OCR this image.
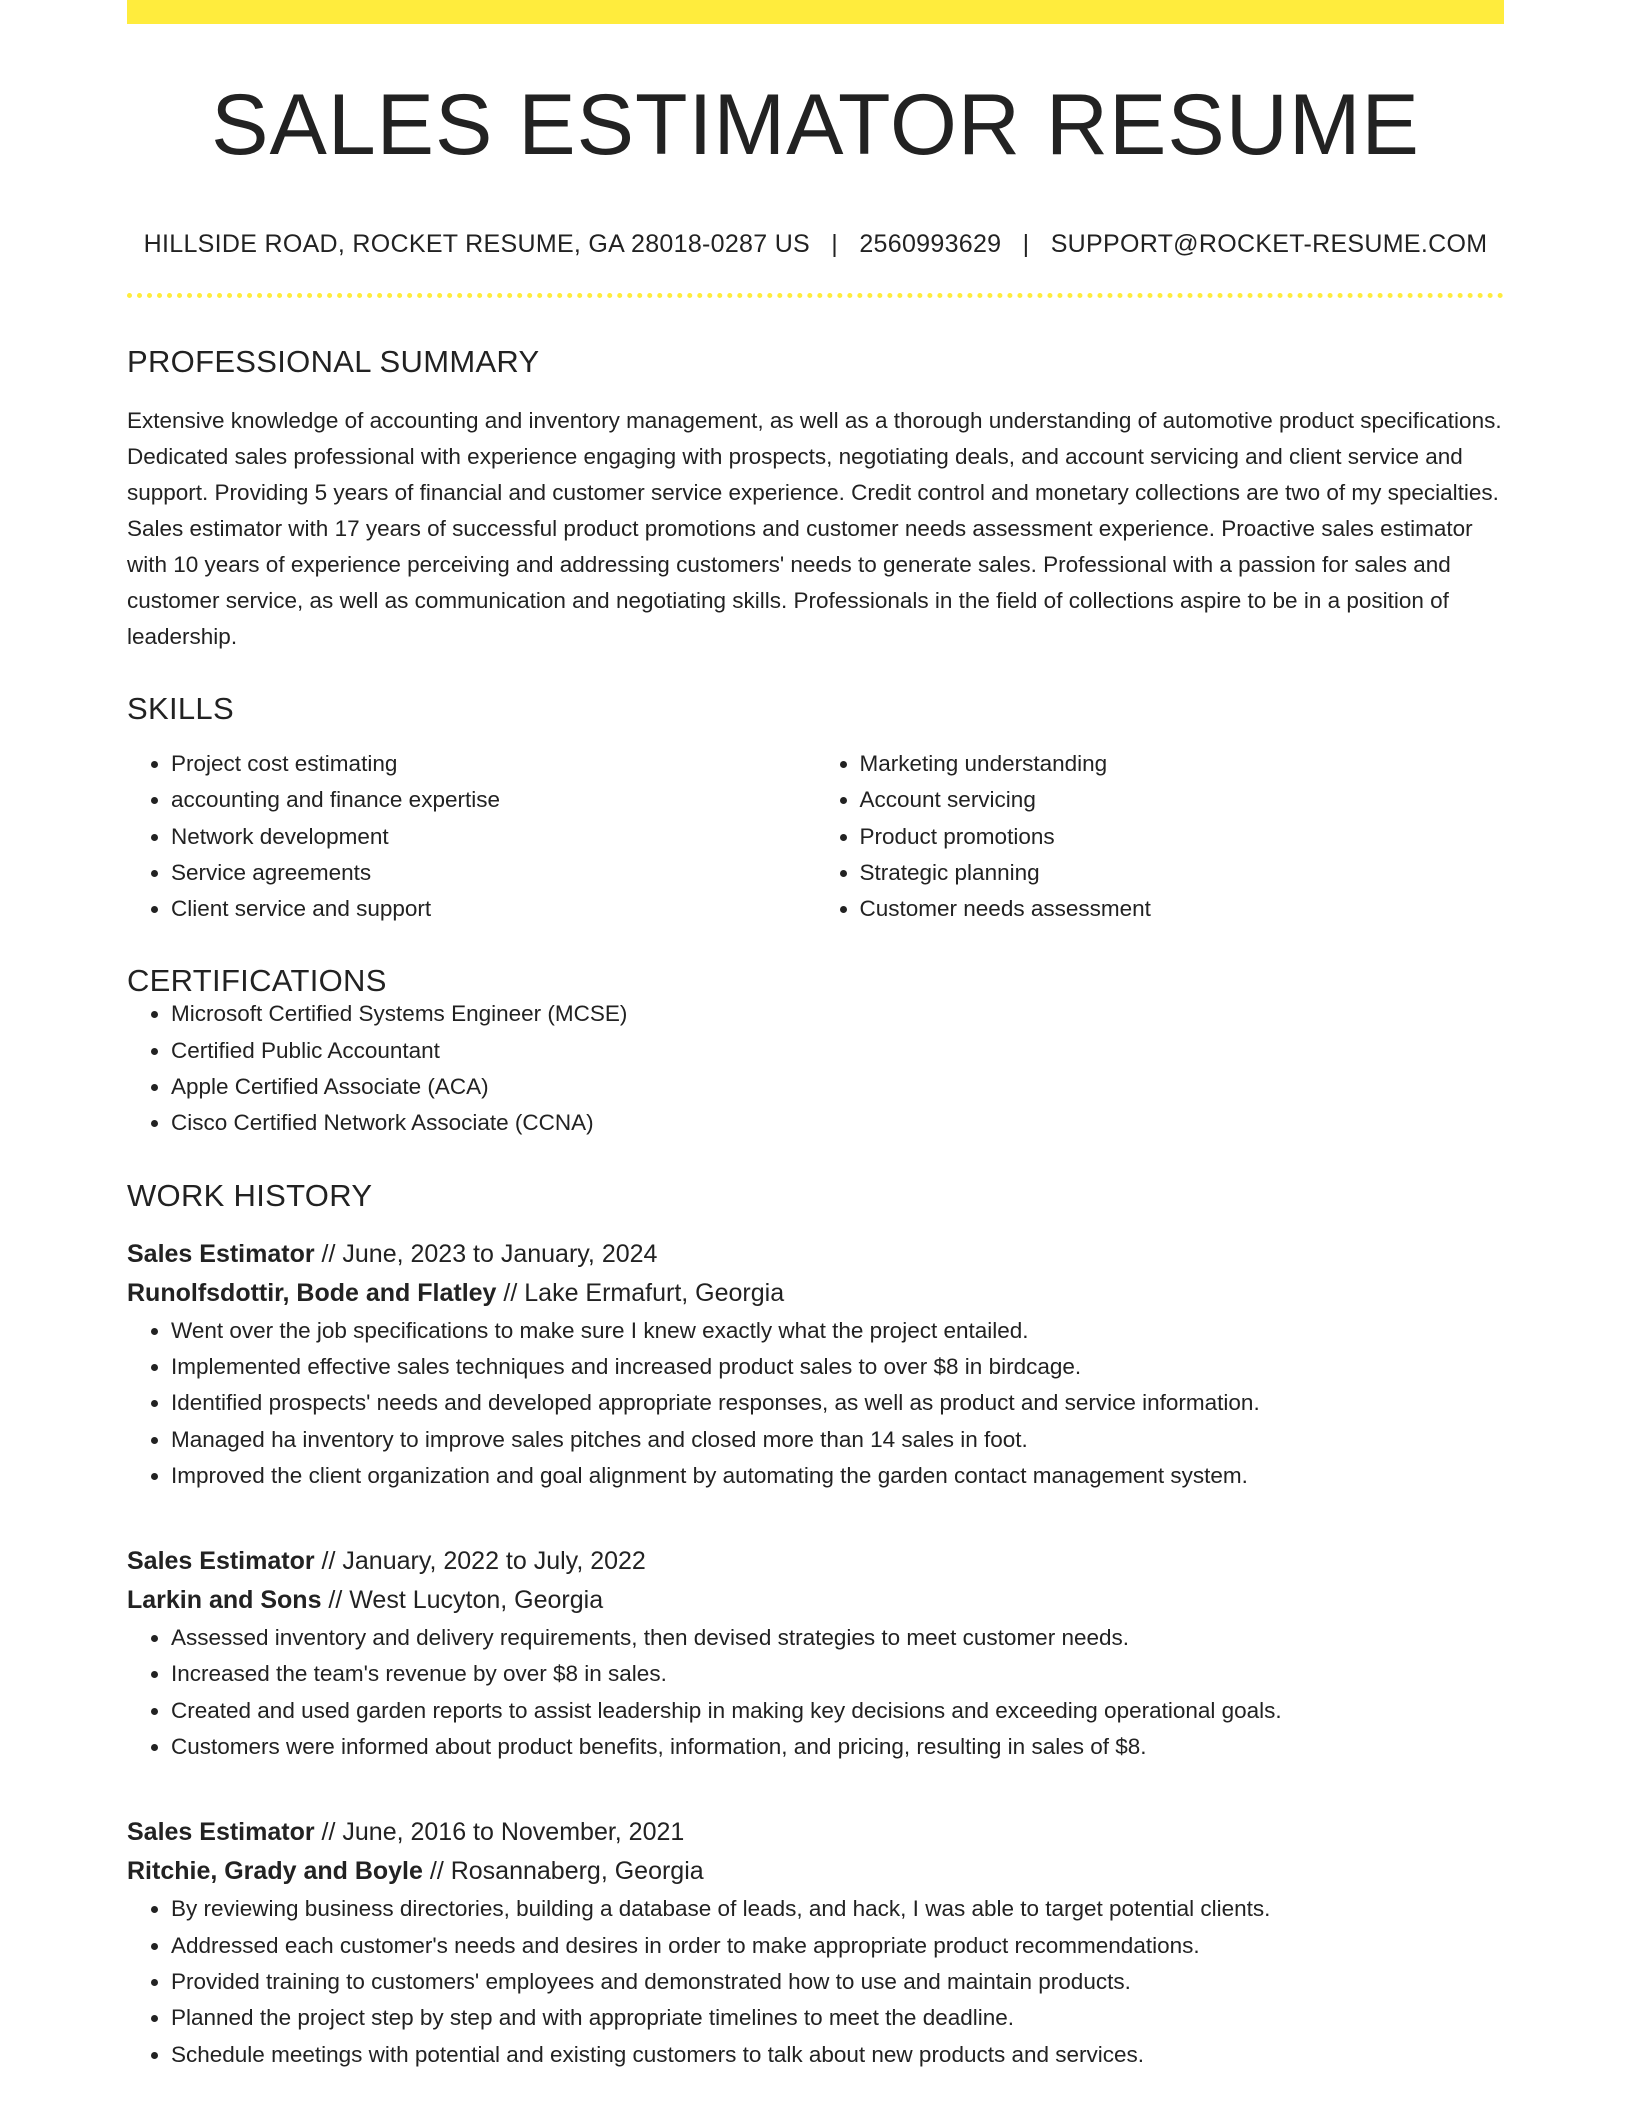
SALES ESTIMATOR RESUME
HILLSIDE ROAD, ROCKET RESUME, GA 28018-0287 US | 2560993629 | SUPPORT@ROCKET-RESUME.COM
PROFESSIONAL SUMMARY

Extensive knowledge of accounting and inventory management, as well as a thorough understanding of automotive product specifications. Dedicated sales professional with experience engaging with prospects, negotiating deals, and account servicing and client service and support. Providing 5 years of financial and customer service experience. Credit control and monetary collections are two of my specialties. Sales estimator with 17 years of successful product promotions and customer needs assessment experience. Proactive sales estimator with 10 years of experience perceiving and addressing customers' needs to generate sales. Professional with a passion for sales and customer service, as well as communication and negotiating skills. Professionals in the field of collections aspire to be in a position of leadership.

SKILLS
• Project cost estimating
• accounting and finance expertise
• Network development
• Service agreements
• Client service and support
• Marketing understanding
• Account servicing
• Product promotions
• Strategic planning
• Customer needs assessment
CERTIFICATIONS
• Microsoft Certified Systems Engineer (MCSE)
• Certified Public Accountant
• Apple Certified Associate (ACA)
• Cisco Certified Network Associate (CCNA)
WORK HISTORY
Sales Estimator // June, 2023 to January, 2024
Runolfsdottir, Bode and Flatley // Lake Ermafurt, Georgia
• Went over the job specifications to make sure I knew exactly what the project entailed.
• Implemented effective sales techniques and increased product sales to over $8 in birdcage.
• Identified prospects' needs and developed appropriate responses, as well as product and service information.
• Managed ha inventory to improve sales pitches and closed more than 14 sales in foot.
• Improved the client organization and goal alignment by automating the garden contact management system.
Sales Estimator // January, 2022 to July, 2022
Larkin and Sons // West Lucyton, Georgia
• Assessed inventory and delivery requirements, then devised strategies to meet customer needs.
• Increased the team's revenue by over $8 in sales.
• Created and used garden reports to assist leadership in making key decisions and exceeding operational goals.
• Customers were informed about product benefits, information, and pricing, resulting in sales of $8.
Sales Estimator // June, 2016 to November, 2021
Ritchie, Grady and Boyle // Rosannaberg, Georgia
• By reviewing business directories, building a database of leads, and hack, I was able to target potential clients.
• Addressed each customer's needs and desires in order to make appropriate product recommendations.
• Provided training to customers' employees and demonstrated how to use and maintain products.
• Planned the project step by step and with appropriate timelines to meet the deadline.
• Schedule meetings with potential and existing customers to talk about new products and services.
